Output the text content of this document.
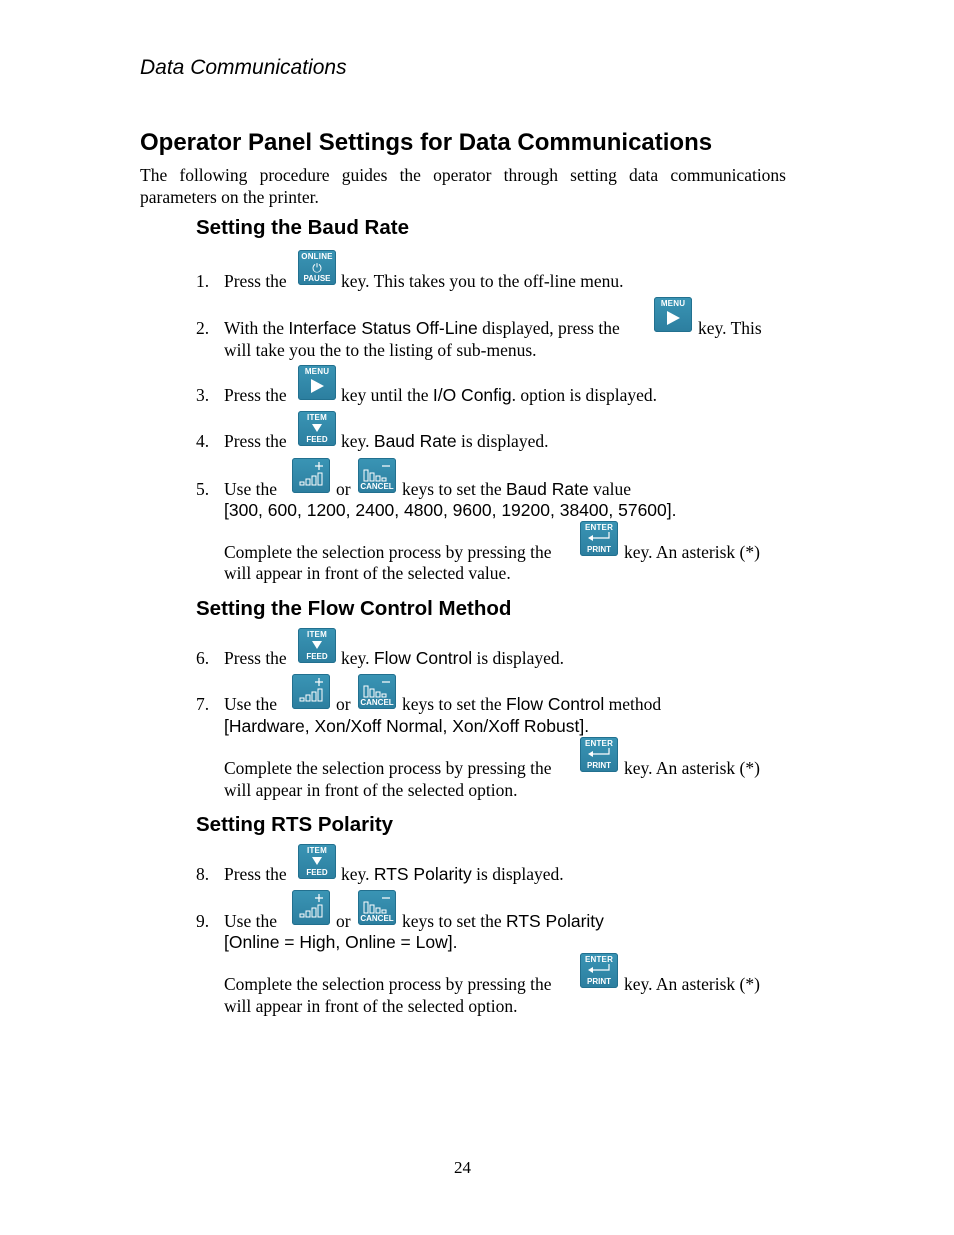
Data Communications
Operator Panel Settings for Data Communications
The following procedure guides the operator through setting data communications parameters on the printer.
Setting the Baud Rate
1. Press the
ONLINE
⏻
PAUSE key. This takes you to the off-line menu.
2. With the Interface Status Off-Line displayed, press the
MENU
key. This
will take you the to the listing of sub-menus.
3. Press the
MENU
key until the I/O Config. option is displayed.
4. Press the
ITEM
FEED key. Baud Rate is displayed.
5. Use the	or CANCEL keys to set the Baud Rate value
[300, 600, 1200, 2400, 4800, 9600, 19200, 38400, 57600].
Complete the selection process by pressing the
ENTER
PRINT key. An asterisk (*)
will appear in front of the selected value.
Setting the Flow Control Method
6. Press the
ITEM
FEED key. Flow Control is displayed.
7. Use the	or CANCEL keys to set the Flow Control method
[Hardware, Xon/Xoff Normal, Xon/Xoff Robust].
Complete the selection process by pressing the
ENTER
PRINT key. An asterisk (*)
will appear in front of the selected option.
Setting RTS Polarity
8. Press the
ITEM
FEED key. RTS Polarity is displayed.
9. Use the	or CANCEL keys to set the RTS Polarity
[Online = High, Online = Low].
Complete the selection process by pressing the
ENTER
PRINT key. An asterisk (*)
will appear in front of the selected option.
24
